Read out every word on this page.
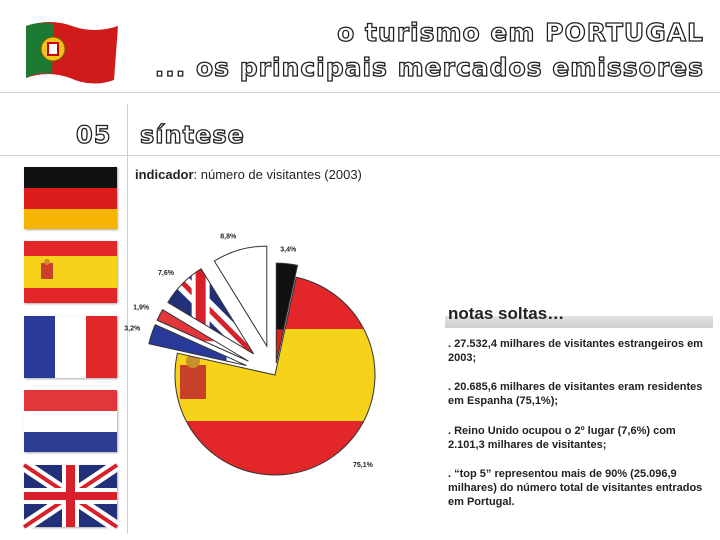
o turismo em PORTUGAL
... os principais mercados emissores
05 síntese
indicador: número de visitantes (2003)
3,4%
75,1%
3,2%
1,9%
7,6%
8,8%
notas soltas…
. 27.532,4 milhares de visitantes estrangeiros em 2003;
. 20.685,6 milhares de visitantes eram residentes em Espanha (75,1%);
. Reino Unido ocupou o 2º lugar (7,6%) com 2.101,3 milhares de visitantes;
. “top 5” representou mais de 90% (25.096,9 milhares) do número total de visitantes entrados em Portugal.
